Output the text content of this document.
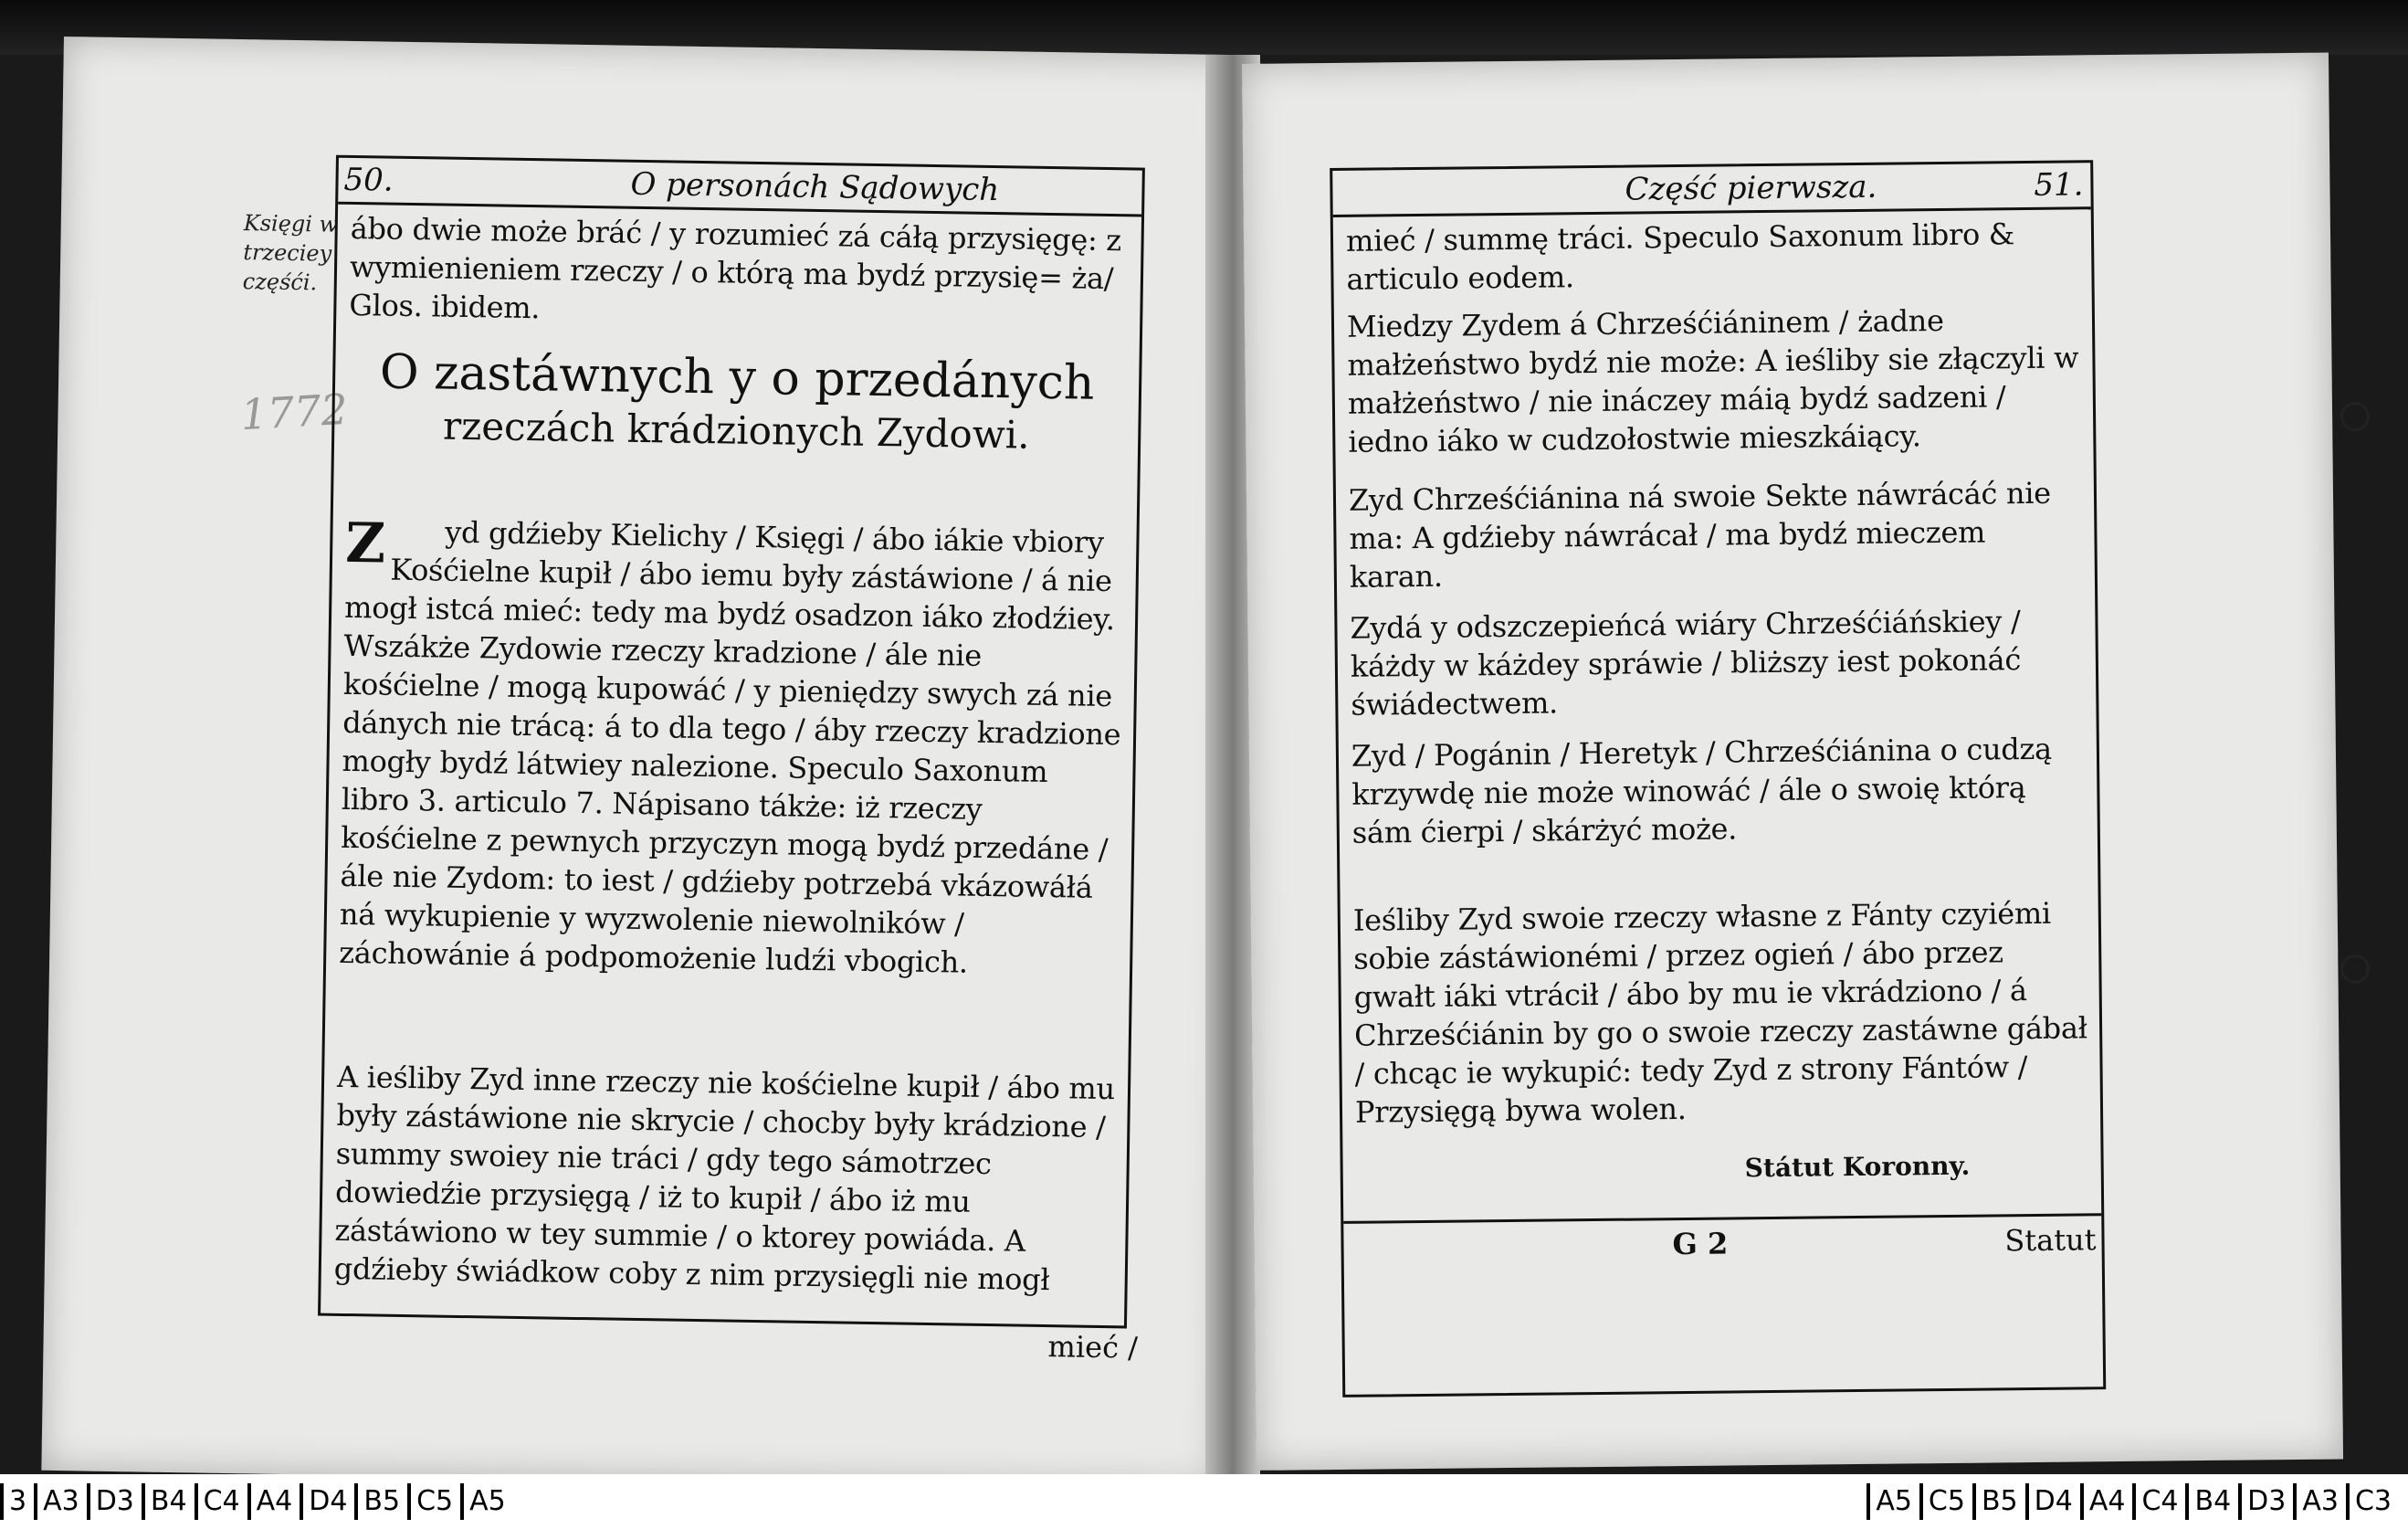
Księgi w trzeciey częśći.
1772
50.	O personách Sądowych
ábo dwie może bráć / y rozumieć zá cáłą przysięgę: z wymienieniem rzeczy / o którą ma bydź przysię= ża/ Glos. ibidem.
O zastáwnych y o przedánych
rzeczách krádzionych Zydowi.

Z yd gdźieby Kielichy / Księgi / ábo iákie vbiory Kośćielne kupił / ábo iemu były zástáwione / á nie mogł istcá mieć: tedy ma bydź osadzon iáko złodźiey. Wszákże Zydowie rzeczy kradzione / ále nie kośćielne / mogą kupowáć / y pieniędzy swych zá nie dánych nie trácą: á to dla tego / áby rzeczy kradzione mogły bydź látwiey nalezione. Speculo Saxonum libro 3. articulo 7. Nápisano tákże: iż rzeczy kośćielne z pewnych przyczyn mogą bydź przedáne / ále nie Zydom: to iest / gdźieby potrzebá vkázowáłá ná wykupienie y wyzwolenie niewolników / záchowánie á podpomożenie ludźi vbogich.

A ieśliby Zyd inne rzeczy nie kośćielne kupił / ábo mu były zástáwione nie skrycie / chocby były krádzione / summy swoiey nie tráci / gdy tego sámotrzec dowiedźie przysięgą / iż to kupił / ábo iż mu zástáwiono w tey summie / o ktorey powiáda. A gdźieby świádkow coby z nim przysięgli nie mogł
mieć /
Część pierwsza.	51.
mieć / summę tráci. Speculo Saxonum libro & articulo eodem.
Miedzy Zydem á Chrześćiáninem / żadne małżeństwo bydź nie może: A ieśliby sie złączyli w małżeństwo / nie ináczey máią bydź sadzeni / iedno iáko w cudzołostwie mieszkáiący.
Zyd Chrześćiánina ná swoie Sekte náwrácáć nie ma: A gdźieby náwrácał / ma bydź mieczem karan.
Zydá y odszczepieńcá wiáry Chrześćiáńskiey / káżdy w káżdey spráwie / bliższy iest pokonáć świádectwem.
Zyd / Pogánin / Heretyk / Chrześćiánina o cudzą krzywdę nie może winowáć / ále o swoię którą sám ćierpi / skárżyć może.
Ieśliby Zyd swoie rzeczy własne z Fánty czyiémi sobie zástáwionémi / przez ogień / ábo przez gwałt iáki vtrácił / ábo by mu ie vkrádziono / á Chrześćiánin by go o swoie rzeczy zastáwne gábał / chcąc ie wykupić: tedy Zyd z strony Fántów / Przysięgą bywa wolen.
Státut Koronny.
G 2	Statut
3 A3 D3 B4 C4 A4 D4 B5 C5 A5	A5 C5 B5 D4 A4 C4 B4 D3 A3 C3
